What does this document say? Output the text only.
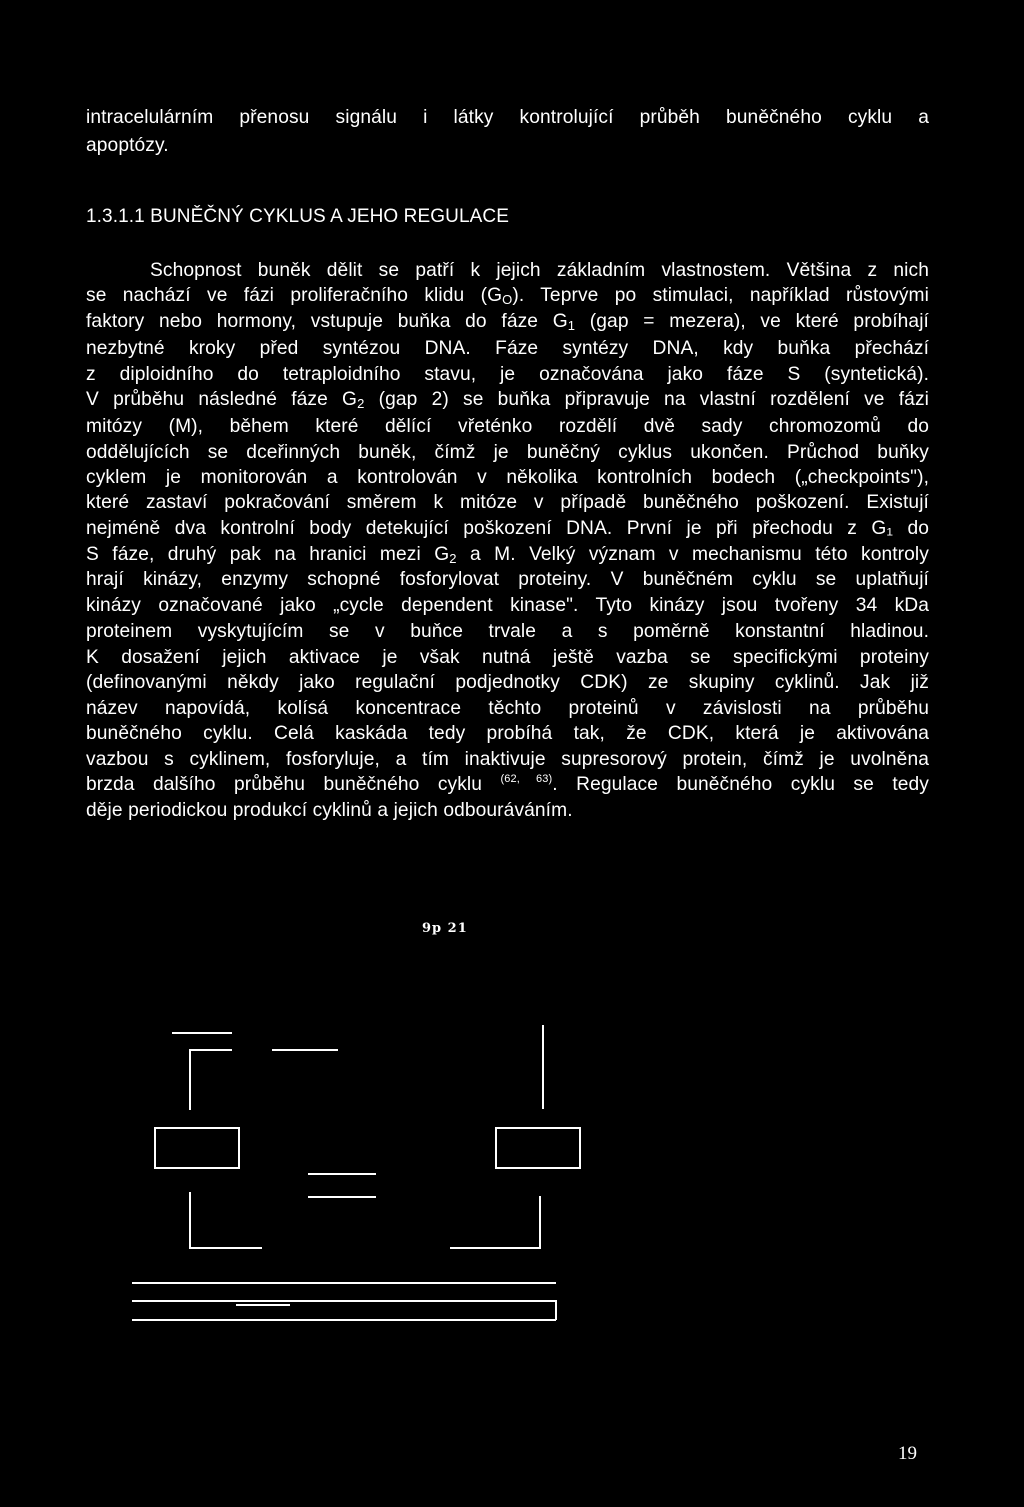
intracelulárním přenosu signálu i látky kontrolující průběh buněčného cyklu a
apoptózy.
1.3.1.1 BUNĚČNÝ CYKLUS A JEHO REGULACE
Schopnost buněk dělit se patří k jejich základním vlastnostem. Většina z nich
se nachází ve fázi proliferačního klidu $(G_O)$. Teprve po stimulaci, například růstovými
faktory nebo hormony, vstupuje buňka do fáze $G_1$ (gap = mezera), ve které probíhají
nezbytné kroky před syntézou DNA. Fáze syntézy DNA, kdy buňka přechází
z diploidního do tetraploidního stavu, je označována jako fáze S (syntetická).
V průběhu následné fáze $G_2$ (gap 2) se buňka připravuje na vlastní rozdělení ve fázi
mitózy (M), během které dělící vřeténko rozdělí dvě sady chromozomů do
oddělujících se dceřinných buněk, čímž je buněčný cyklus ukončen. Průchod buňky
cyklem je monitorován a kontrolován v několika kontrolních bodech („checkpoints"),
které zastaví pokračování směrem k mitóze v případě buněčného poškození. Existují
nejméně dva kontrolní body detekující poškození DNA. První je při přechodu z G₁ do
S fáze, druhý pak na hranici mezi $G_2$ a M. Velký význam v mechanismu této kontroly
hrají kinázy, enzymy schopné fosforylovat proteiny. V buněčném cyklu se uplatňují
kinázy označované jako „cycle dependent kinase". Tyto kinázy jsou tvořeny 34 kDa
proteinem vyskytujícím se v buňce trvale a s poměrně konstantní hladinou.
K dosažení jejich aktivace je však nutná ještě vazba se specifickými proteiny
(definovanými někdy jako regulační podjednotky CDK) ze skupiny cyklinů. Jak již
název napovídá, kolísá koncentrace těchto proteinů v závislosti na průběhu
buněčného cyklu. Celá kaskáda tedy probíhá tak, že CDK, která je aktivována
vazbou s cyklinem, fosforyluje, a tím inaktivuje supresorový protein, čímž je uvolněna
brzda dalšího průběhu buněčného cyklu $^{(62, 63)}$. Regulace buněčného cyklu se tedy
děje periodickou produkcí cyklinů a jejich odbouráváním.
9p 21
19
